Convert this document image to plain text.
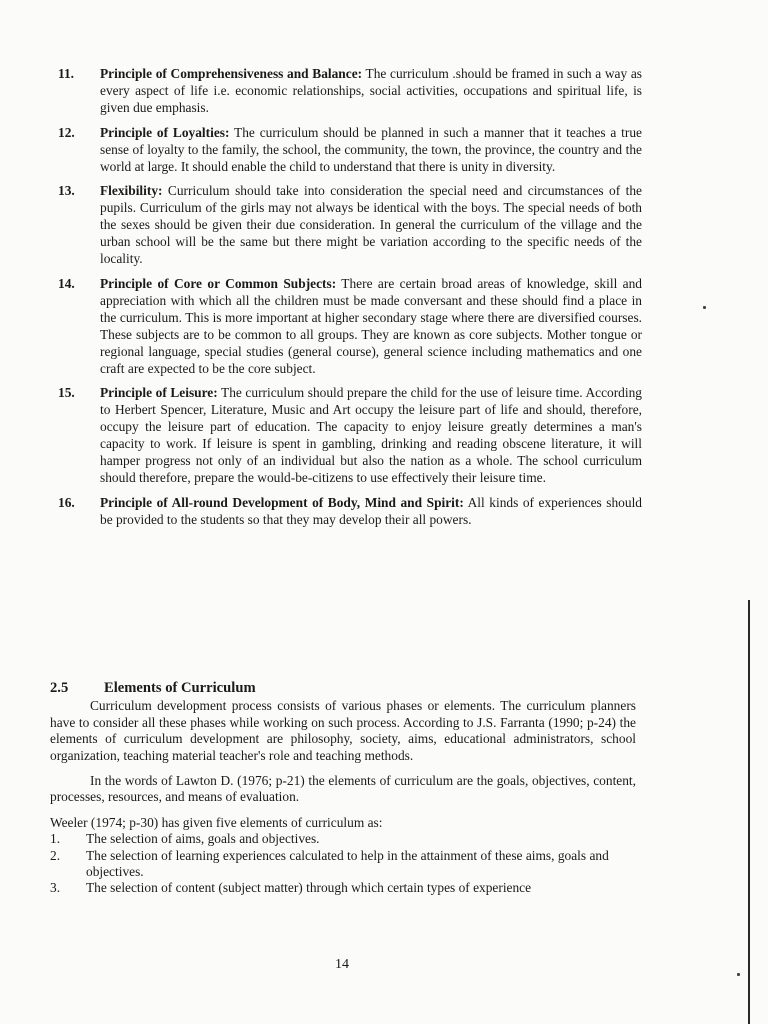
11. Principle of Comprehensiveness and Balance: The curriculum .should be framed in such a way as every aspect of life i.e. economic relationships, social activities, occupations and spiritual life, is given due emphasis.
12. Principle of Loyalties: The curriculum should be planned in such a manner that it teaches a true sense of loyalty to the family, the school, the community, the town, the province, the country and the world at large. It should enable the child to understand that there is unity in diversity.
13. Flexibility: Curriculum should take into consideration the special need and circumstances of the pupils. Curriculum of the girls may not always be identical with the boys. The special needs of both the sexes should be given their due consideration. In general the curriculum of the village and the urban school will be the same but there might be variation according to the specific needs of the locality.
14. Principle of Core or Common Subjects: There are certain broad areas of knowledge, skill and appreciation with which all the children must be made conversant and these should find a place in the curriculum. This is more important at higher secondary stage where there are diversified courses. These subjects are to be common to all groups. They are known as core subjects. Mother tongue or regional language, special studies (general course), general science including mathematics and one craft are expected to be the core subject.
15. Principle of Leisure: The curriculum should prepare the child for the use of leisure time. According to Herbert Spencer, Literature, Music and Art occupy the leisure part of life and should, therefore, occupy the leisure part of education. The capacity to enjoy leisure greatly determines a man's capacity to work. If leisure is spent in gambling, drinking and reading obscene literature, it will hamper progress not only of an individual but also the nation as a whole. The school curriculum should therefore, prepare the would-be-citizens to use effectively their leisure time.
16. Principle of All-round Development of Body, Mind and Spirit: All kinds of experiences should be provided to the students so that they may develop their all powers.
2.5 Elements of Curriculum

Curriculum development process consists of various phases or elements. The curriculum planners have to consider all these phases while working on such process. According to J.S. Farranta (1990; p-24) the elements of curriculum development are philosophy, society, aims, educational administrators, school organization, teaching material teacher's role and teaching methods.

In the words of Lawton D. (1976; p-21) the elements of curriculum are the goals, objectives, content, processes, resources, and means of evaluation.

Weeler (1974; p-30) has given five elements of curriculum as:

1. The selection of aims, goals and objectives.
2. The selection of learning experiences calculated to help in the attainment of these aims, goals and objectives.
3. The selection of content (subject matter) through which certain types of experience
14
